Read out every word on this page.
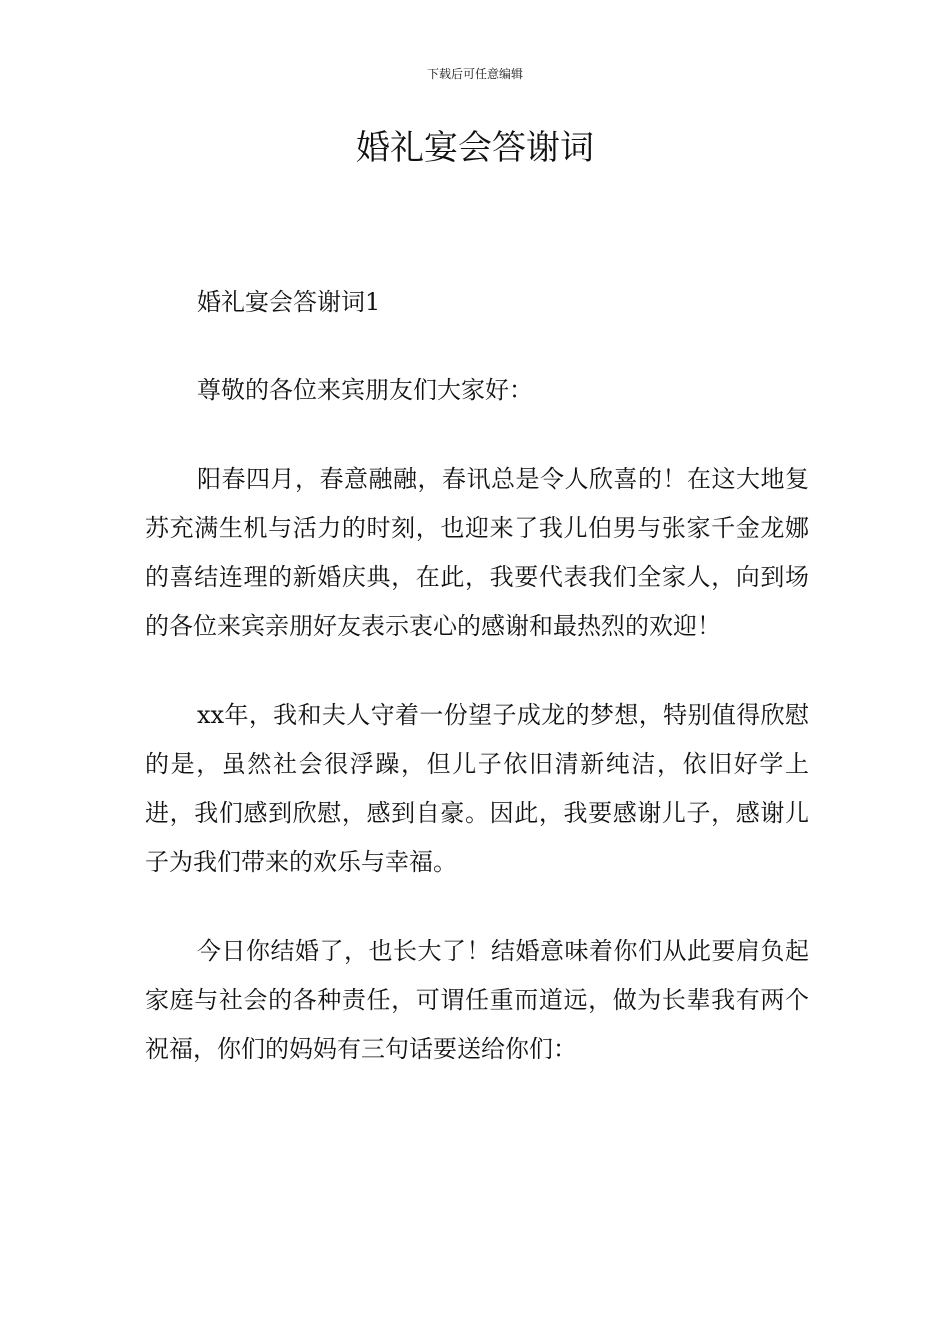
下载后可任意编辑
婚礼宴会答谢词

婚礼宴会答谢词1

尊敬的各位来宾朋友们大家好：

阳春四月，春意融融，春讯总是令人欣喜的！在这大地复苏充满生机与活力的时刻，也迎来了我儿伯男与张家千金龙娜的喜结连理的新婚庆典，在此，我要代表我们全家人，向到场的各位来宾亲朋好友表示衷心的感谢和最热烈的欢迎！

xx年，我和夫人守着一份望子成龙的梦想，特别值得欣慰的是，虽然社会很浮躁，但儿子依旧清新纯洁，依旧好学上进，我们感到欣慰，感到自豪。因此，我要感谢儿子，感谢儿子为我们带来的欢乐与幸福。

今日你结婚了，也长大了！结婚意味着你们从此要肩负起家庭与社会的各种责任，可谓任重而道远，做为长辈我有两个祝福，你们的妈妈有三句话要送给你们：
